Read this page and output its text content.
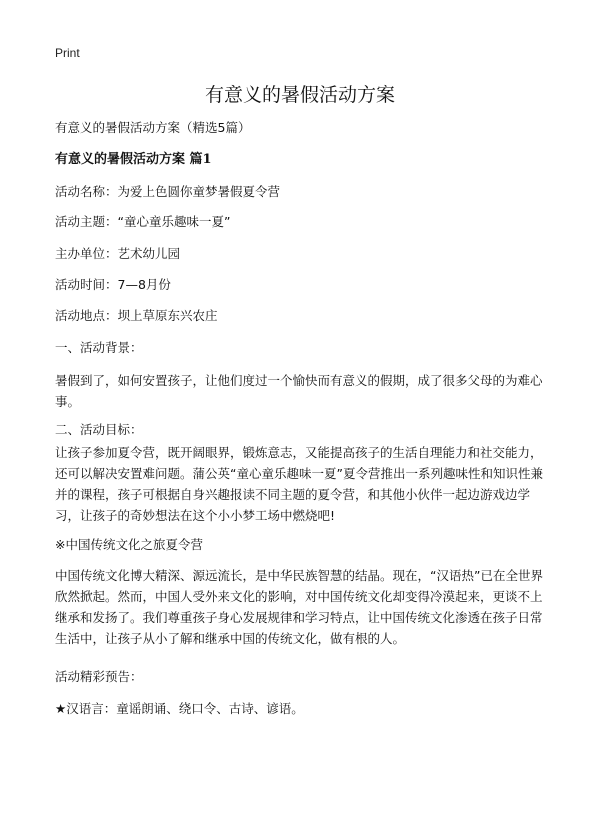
Print
有意义的暑假活动方案
有意义的暑假活动方案（精选5篇）
有意义的暑假活动方案 篇1
活动名称：为爱上色圆你童梦暑假夏令营
活动主题：“童心童乐趣味一夏”
主办单位：艺术幼儿园
活动时间：7—8月份
活动地点：坝上草原东兴农庄
一、活动背景：
暑假到了，如何安置孩子，让他们度过一个愉快而有意义的假期，成了很多父母的为难心事。
二、活动目标：
让孩子参加夏令营，既开阔眼界，锻炼意志，又能提高孩子的生活自理能力和社交能力，还可以解决安置难问题。蒲公英“童心童乐趣味一夏”夏令营推出一系列趣味性和知识性兼并的课程，孩子可根据自身兴趣报读不同主题的夏令营，和其他小伙伴一起边游戏边学习，让孩子的奇妙想法在这个小小梦工场中燃烧吧!
※中国传统文化之旅夏令营
中国传统文化博大精深、源远流长，是中华民族智慧的结晶。现在，“汉语热”已在全世界欣然掀起。然而，中国人受外来文化的影响，对中国传统文化却变得冷漠起来，更谈不上继承和发扬了。我们尊重孩子身心发展规律和学习特点，让中国传统文化渗透在孩子日常生活中，让孩子从小了解和继承中国的传统文化，做有根的人。
活动精彩预告：
★汉语言：童谣朗诵、绕口令、古诗、谚语。
